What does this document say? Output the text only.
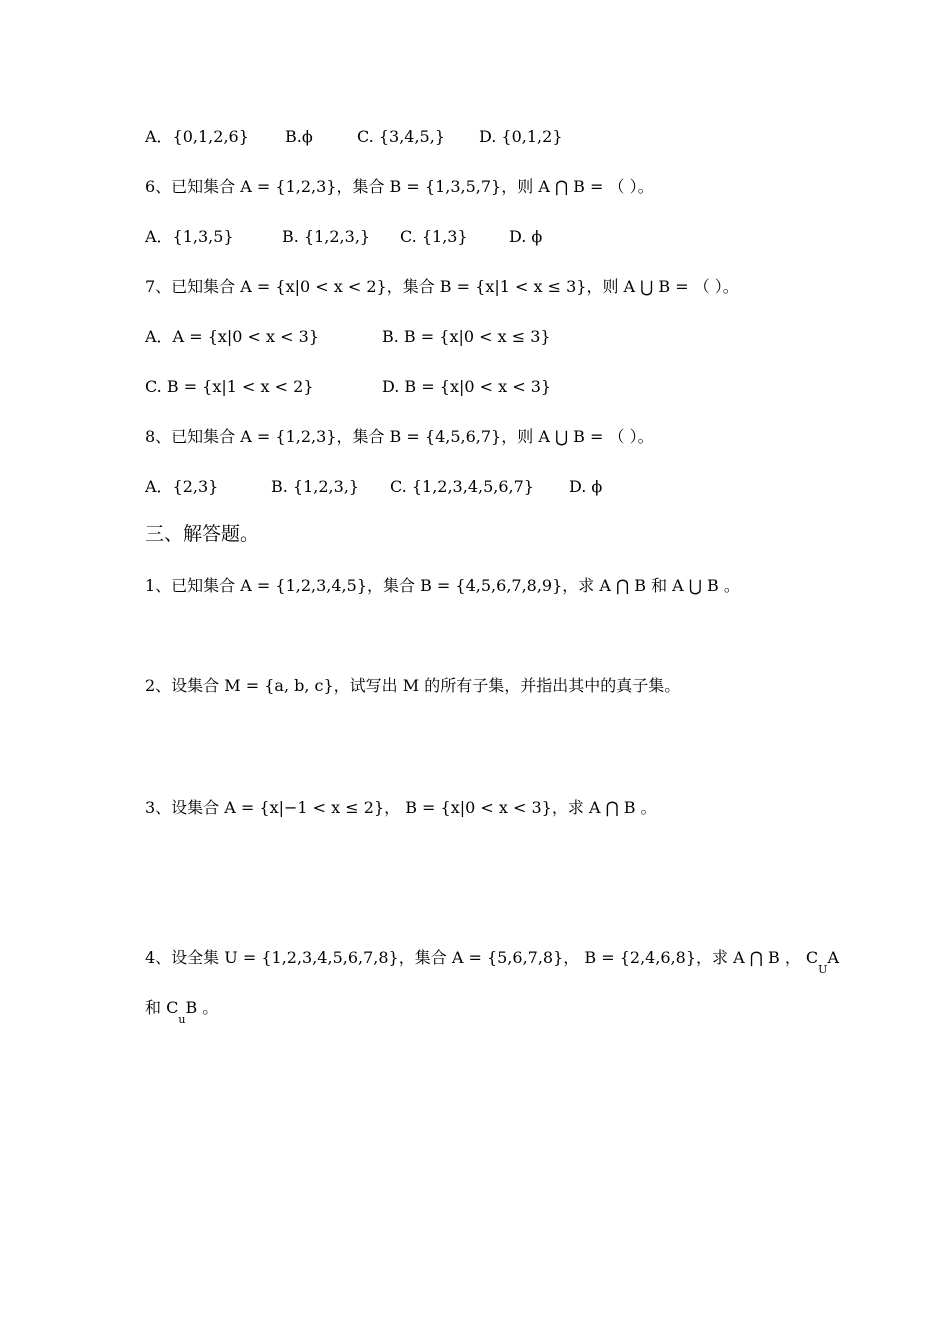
A．{0,1,2,6} B.ϕ	C. {3,4,5,} D. {0,1,2}
6、已知集合 A = {1,2,3}，集合 B = {1,3,5,7}，则 A ⋂ B = （ ）。
A．{1,3,5}	B. {1,2,3,} C. {1,3}	D. ϕ
7、已知集合 A = {x|0 < x < 2}，集合 B = {x|1 < x ≤ 3}，则 A ⋃ B = （ ）。
A．A = {x|0 < x < 3}	B. B = {x|0 < x ≤ 3}
C. B = {x|1 < x < 2}	D. B = {x|0 < x < 3}
8、已知集合 A = {1,2,3}，集合 B = {4,5,6,7}，则 A ⋃ B = （ ）。
A．{2,3}	B. {1,2,3,} C. {1,2,3,4,5,6,7} D. ϕ
三、解答题。
1、已知集合 A = {1,2,3,4,5}，集合 B = {4,5,6,7,8,9}，求 A ⋂ B 和 A ⋃ B 。
2、设集合 M = {a, b, c}，试写出 M 的所有子集，并指出其中的真子集。
3、设集合 A = {x|−1 < x ≤ 2}， B = {x|0 < x < 3}，求 A ⋂ B 。
4、设全集 U = {1,2,3,4,5,6,7,8}，集合 A = {5,6,7,8}， B = {2,4,6,8}，求 A ⋂ B ， $C_UA$
和 $C_uB$ 。
